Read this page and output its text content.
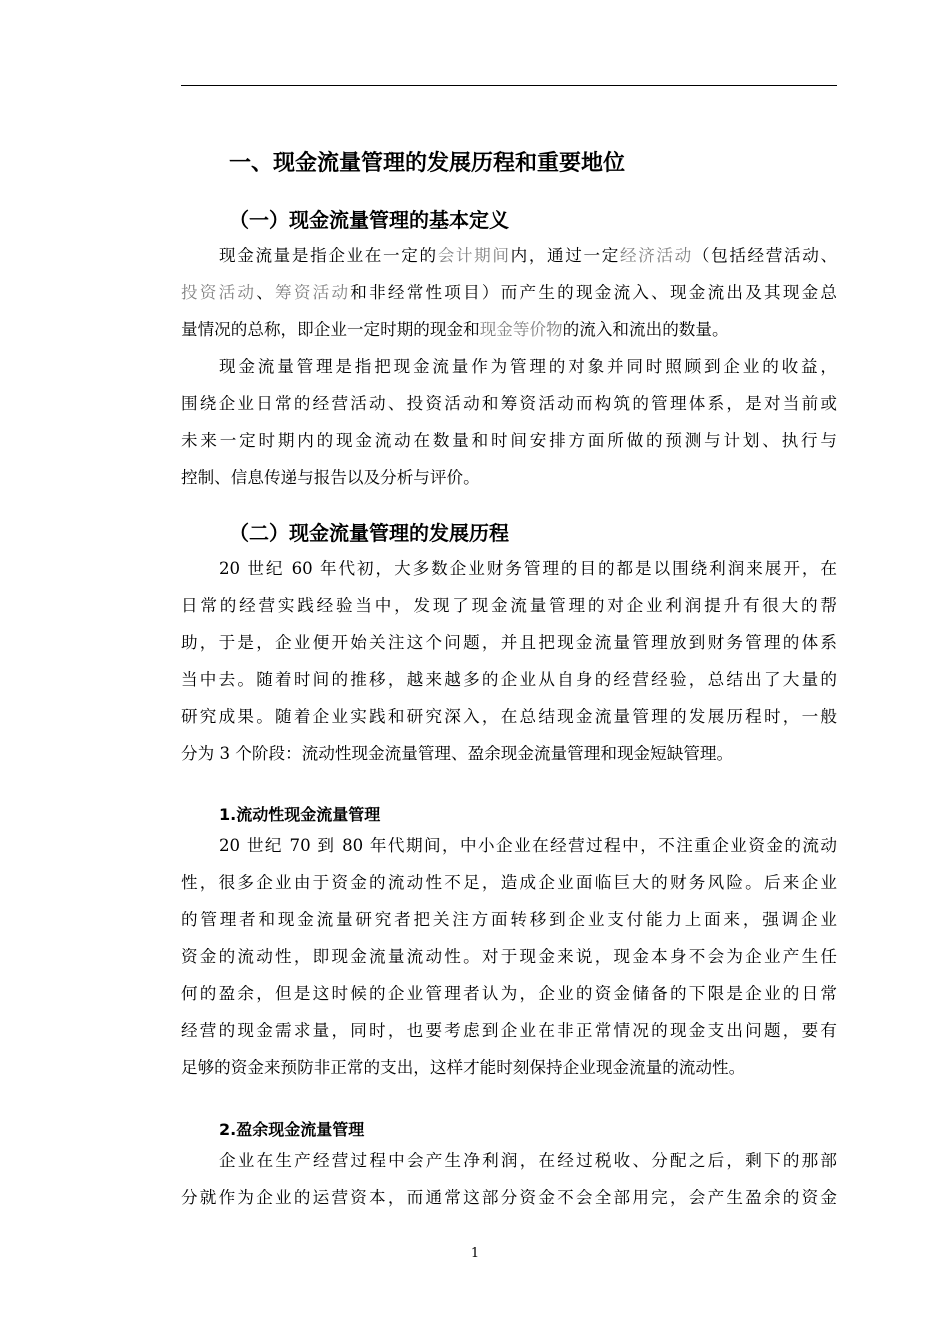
一、现金流量管理的发展历程和重要地位
（一）现金流量管理的基本定义
现金流量是指企业在一定的会计期间内，通过一定经济活动（包括经营活动、
投资活动、筹资活动和非经常性项目）而产生的现金流入、现金流出及其现金总
量情况的总称，即企业一定时期的现金和现金等价物的流入和流出的数量。
现金流量管理是指把现金流量作为管理的对象并同时照顾到企业的收益，
围绕企业日常的经营活动、投资活动和筹资活动而构筑的管理体系，是对当前或
未来一定时期内的现金流动在数量和时间安排方面所做的预测与计划、执行与
控制、信息传递与报告以及分析与评价。
（二）现金流量管理的发展历程
20 世纪 60 年代初，大多数企业财务管理的目的都是以围绕利润来展开，在
日常的经营实践经验当中，发现了现金流量管理的对企业利润提升有很大的帮
助，于是，企业便开始关注这个问题，并且把现金流量管理放到财务管理的体系
当中去。随着时间的推移，越来越多的企业从自身的经营经验，总结出了大量的
研究成果。随着企业实践和研究深入，在总结现金流量管理的发展历程时，一般
分为 3 个阶段：流动性现金流量管理、盈余现金流量管理和现金短缺管理。
1.流动性现金流量管理
20 世纪 70 到 80 年代期间，中小企业在经营过程中，不注重企业资金的流动
性，很多企业由于资金的流动性不足，造成企业面临巨大的财务风险。后来企业
的管理者和现金流量研究者把关注方面转移到企业支付能力上面来，强调企业
资金的流动性，即现金流量流动性。对于现金来说，现金本身不会为企业产生任
何的盈余，但是这时候的企业管理者认为，企业的资金储备的下限是企业的日常
经营的现金需求量，同时，也要考虑到企业在非正常情况的现金支出问题，要有
足够的资金来预防非正常的支出，这样才能时刻保持企业现金流量的流动性。
2.盈余现金流量管理
企业在生产经营过程中会产生净利润，在经过税收、分配之后，剩下的那部
分就作为企业的运营资本，而通常这部分资金不会全部用完，会产生盈余的资金
1
